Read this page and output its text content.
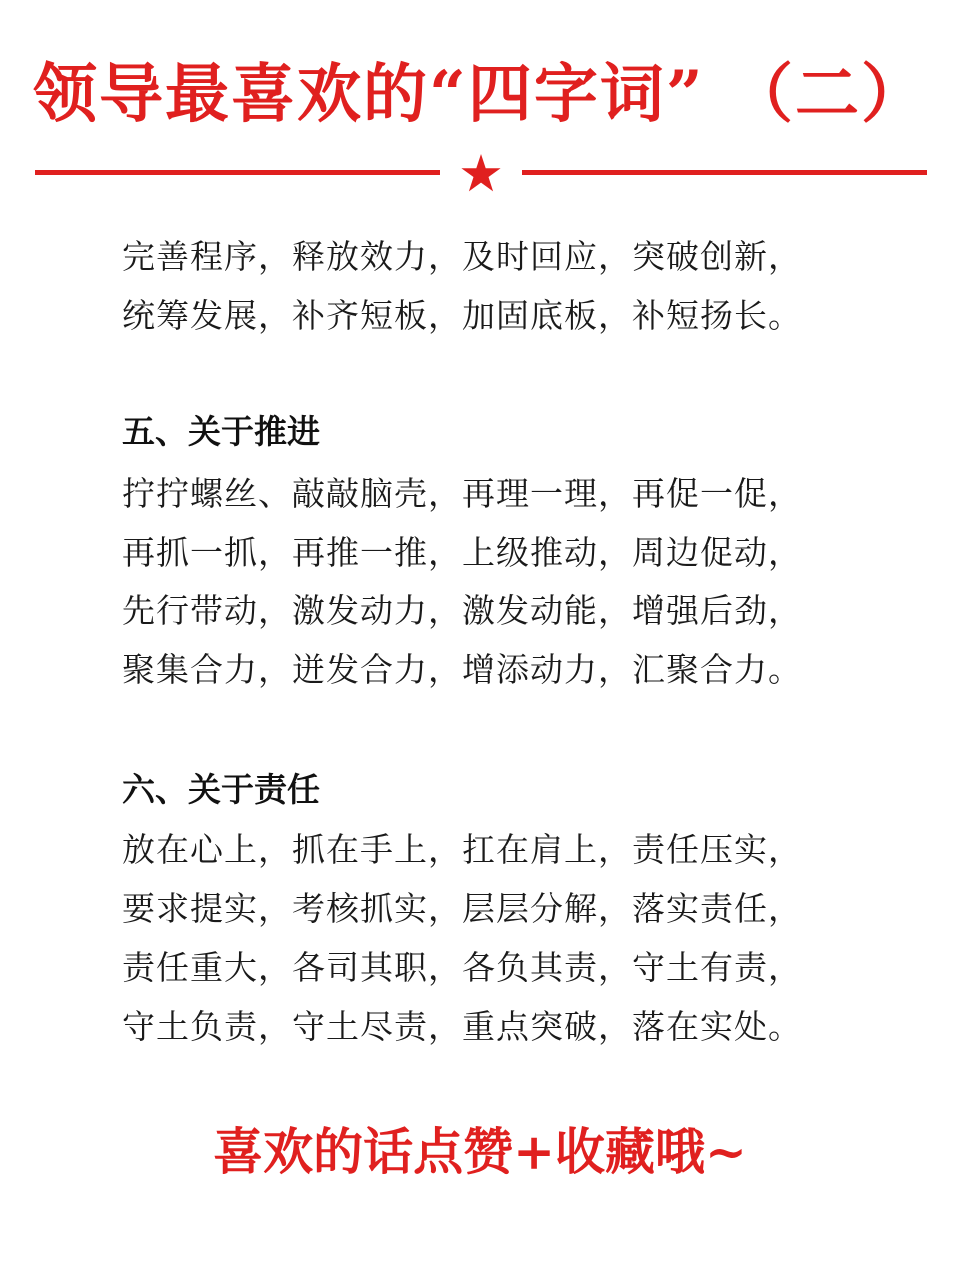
领导最喜欢的“四字词” （二）
完善程序，释放效力，及时回应，突破创新，
统筹发展，补齐短板，加固底板，补短扬长。
五、关于推进
拧拧螺丝、敲敲脑壳，再理一理，再促一促，
再抓一抓，再推一推，上级推动，周边促动，
先行带动，激发动力，激发动能，增强后劲，
聚集合力，迸发合力，增添动力，汇聚合力。
六、关于责任
放在心上，抓在手上，扛在肩上，责任压实，
要求提实，考核抓实，层层分解，落实责任，
责任重大，各司其职，各负其责，守土有责，
守土负责，守土尽责，重点突破，落在实处。
喜欢的话点赞+收藏哦~
